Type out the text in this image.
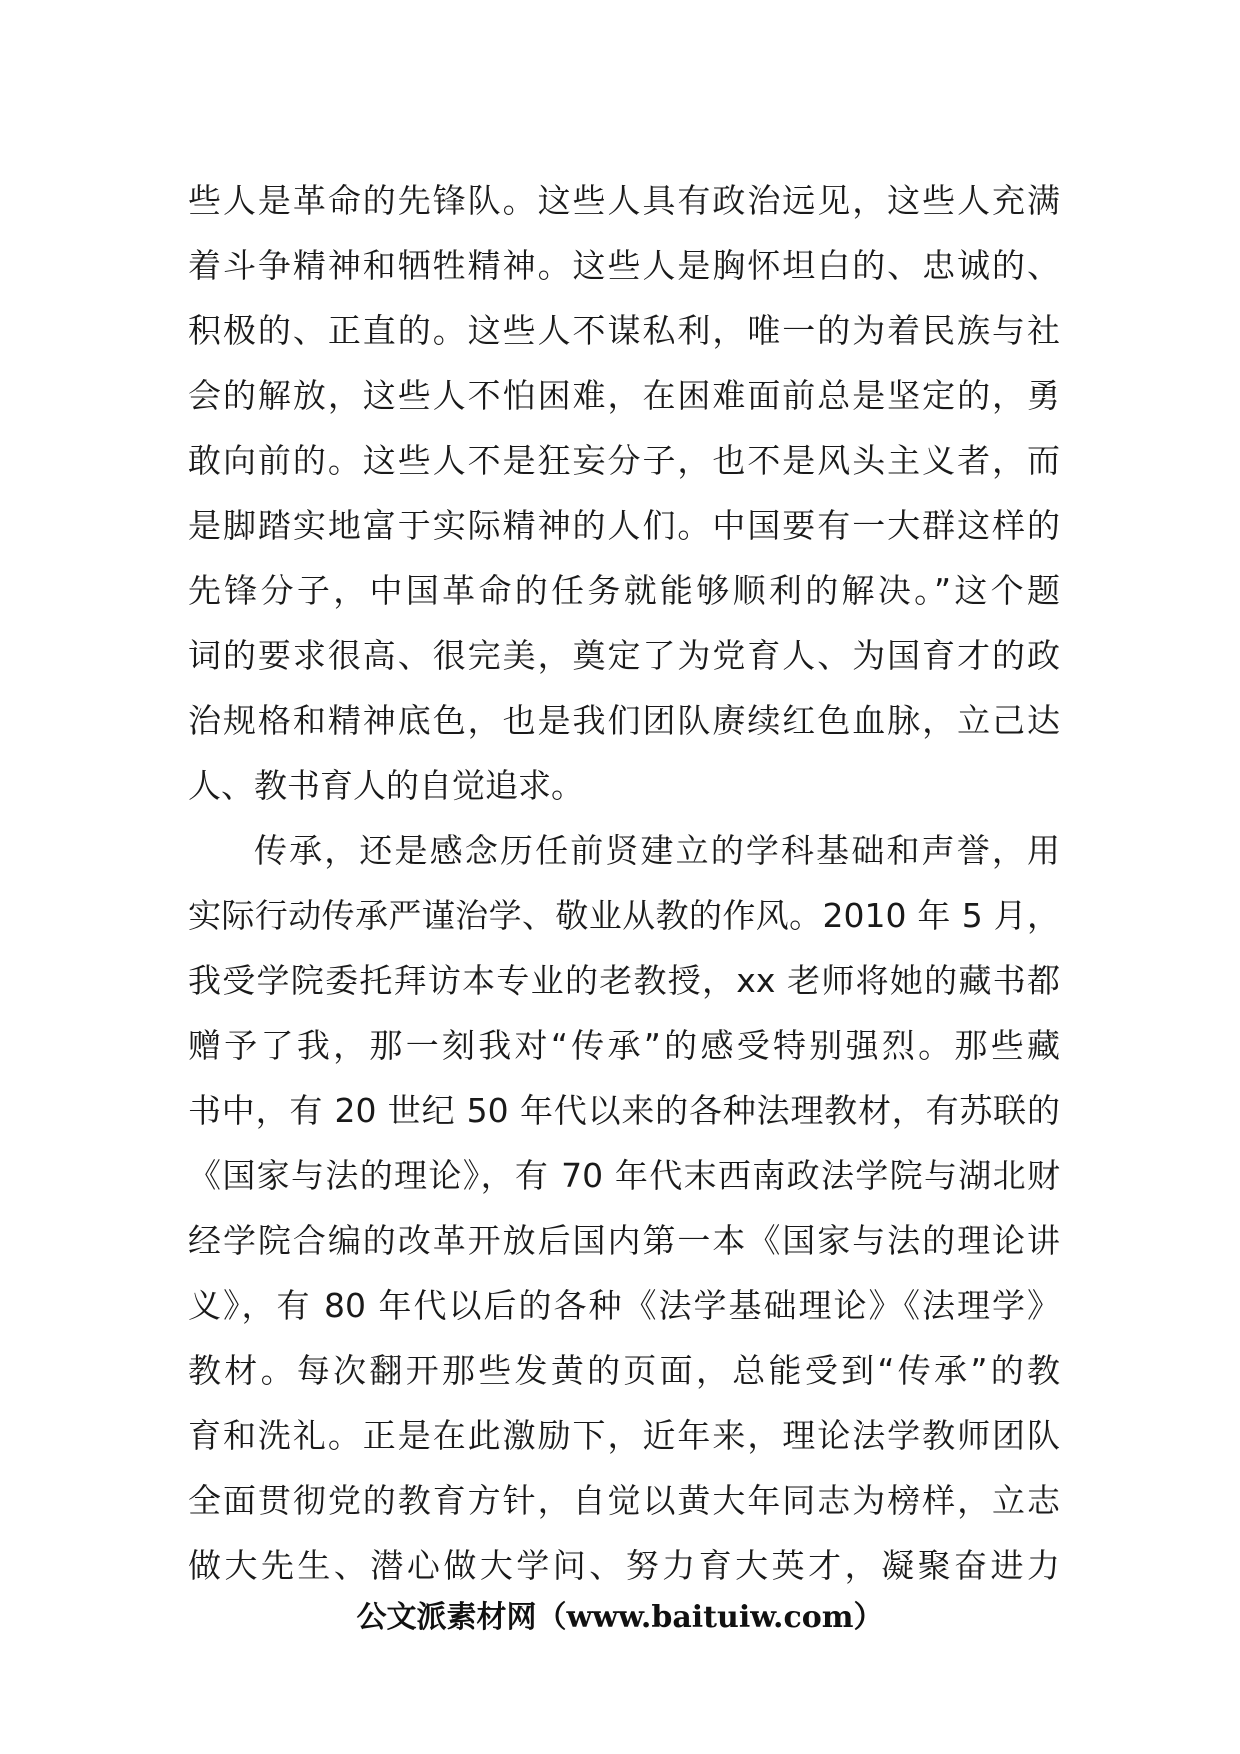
些人是革命的先锋队。这些人具有政治远见，这些人充满

着斗争精神和牺牲精神。这些人是胸怀坦白的、忠诚的、

积极的、正直的。这些人不谋私利，唯一的为着民族与社

会的解放，这些人不怕困难，在困难面前总是坚定的，勇

敢向前的。这些人不是狂妄分子，也不是风头主义者，而

是脚踏实地富于实际精神的人们。中国要有一大群这样的

先锋分子，中国革命的任务就能够顺利的解决。”这个题

词的要求很高、很完美，奠定了为党育人、为国育才的政

治规格和精神底色，也是我们团队赓续红色血脉，立己达

人、教书育人的自觉追求。

传承，还是感念历任前贤建立的学科基础和声誉，用

实际行动传承严谨治学、敬业从教的作风。2010 年 5 月，

我受学院委托拜访本专业的老教授，xx 老师将她的藏书都

赠予了我，那一刻我对“传承”的感受特别强烈。那些藏

书中，有 20 世纪 50 年代以来的各种法理教材，有苏联的

《国家与法的理论》，有 70 年代末西南政法学院与湖北财

经学院合编的改革开放后国内第一本《国家与法的理论讲

义》，有 80 年代以后的各种《法学基础理论》《法理学》

教材。每次翻开那些发黄的页面，总能受到“传承”的教

育和洗礼。正是在此激励下，近年来，理论法学教师团队

全面贯彻党的教育方针，自觉以黄大年同志为榜样，立志

做大先生、潜心做大学问、努力育大英才，凝聚奋进力

公文派素材网（www.baituiw.com）
